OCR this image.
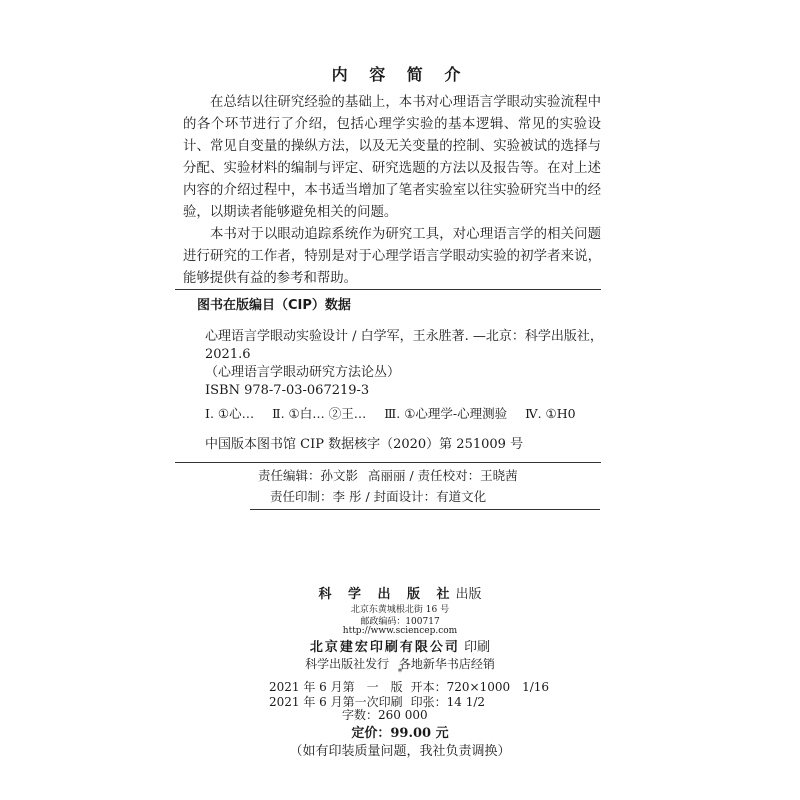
内 容 简 介

在总结以往研究经验的基础上，本书对心理语言学眼动实验流程中的各个环节进行了介绍，包括心理学实验的基本逻辑、常见的实验设计、常见自变量的操纵方法，以及无关变量的控制、实验被试的选择与分配、实验材料的编制与评定、研究选题的方法以及报告等。在对上述内容的介绍过程中，本书适当增加了笔者实验室以往实验研究当中的经验，以期读者能够避免相关的问题。

本书对于以眼动追踪系统作为研究工具，对心理语言学的相关问题进行研究的工作者，特别是对于心理学语言学眼动实验的初学者来说，能够提供有益的参考和帮助。

图书在版编目（CIP）数据
心理语言学眼动实验设计 / 白学军，王永胜著. —北京：科学出版社，
2021.6
（心理语言学眼动研究方法论丛）
ISBN 978-7-03-067219-3
Ⅰ. ①心… Ⅱ. ①白… ②王… Ⅲ. ①心理学-心理测验 Ⅳ. ①H0
中国版本图书馆 CIP 数据核字（2020）第 251009 号
责任编辑：孙文影 高丽丽 / 责任校对：王晓茜
责任印制：李 彤 / 封面设计：有道文化
科 学 出 版 社出版
北京东黄城根北街 16 号
邮政编码：100717
http://www.sciencep.com
北京建宏印刷有限公司 印刷
科学出版社发行 各地新华书店经销
*
2021 年 6 月第　一　版 开本：720×1000　1/16
2021 年 6 月第一次印刷 印张：14 1/2
字数：260 000
定价：99.00 元
（如有印装质量问题，我社负责调换）
